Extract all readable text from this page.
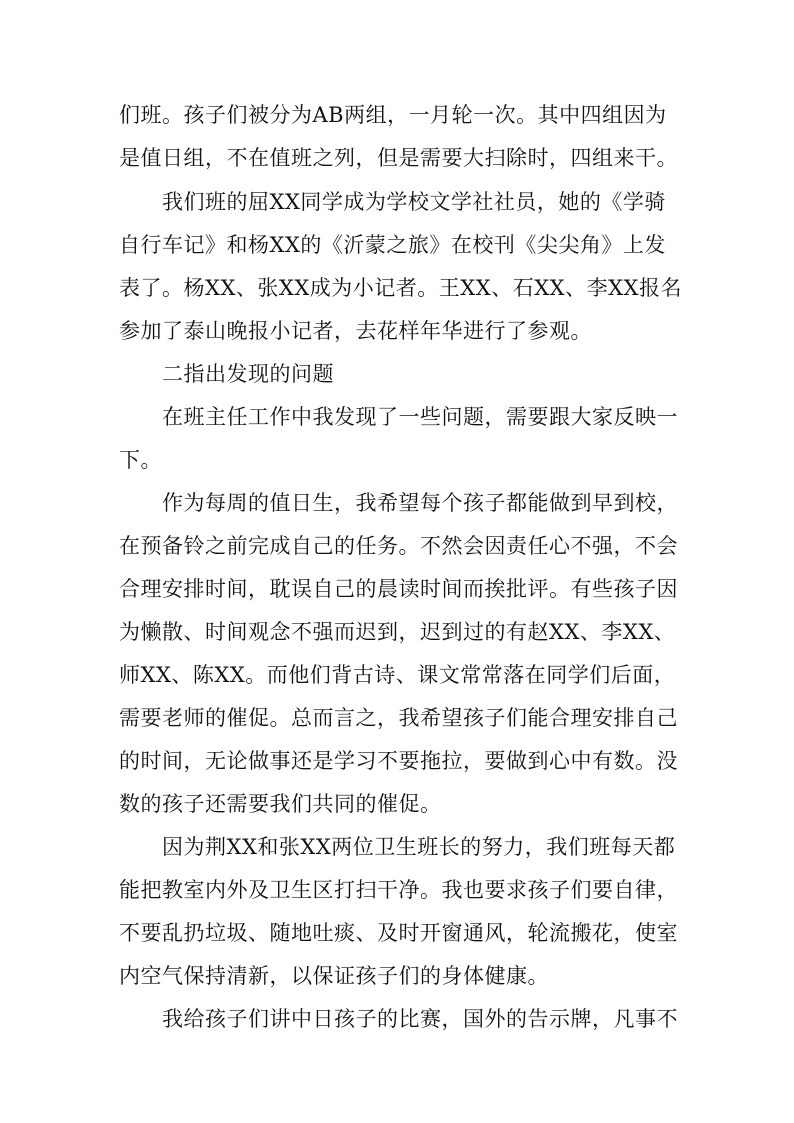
们班。孩子们被分为AB两组，一月轮一次。其中四组因为
是值日组，不在值班之列，但是需要大扫除时，四组来干。
我们班的屈XX同学成为学校文学社社员，她的《学骑
自行车记》和杨XX的《沂蒙之旅》在校刊《尖尖角》上发
表了。杨XX、张XX成为小记者。王XX、石XX、李XX报名
参加了泰山晚报小记者，去花样年华进行了参观。
二指出发现的问题
在班主任工作中我发现了一些问题，需要跟大家反映一
下。
作为每周的值日生，我希望每个孩子都能做到早到校，
在预备铃之前完成自己的任务。不然会因责任心不强，不会
合理安排时间，耽误自己的晨读时间而挨批评。有些孩子因
为懒散、时间观念不强而迟到，迟到过的有赵XX、李XX、
师XX、陈XX。而他们背古诗、课文常常落在同学们后面，
需要老师的催促。总而言之，我希望孩子们能合理安排自己
的时间，无论做事还是学习不要拖拉，要做到心中有数。没
数的孩子还需要我们共同的催促。
因为荆XX和张XX两位卫生班长的努力，我们班每天都
能把教室内外及卫生区打扫干净。我也要求孩子们要自律，
不要乱扔垃圾、随地吐痰、及时开窗通风，轮流搬花，使室
内空气保持清新，以保证孩子们的身体健康。
我给孩子们讲中日孩子的比赛，国外的告示牌，凡事不
